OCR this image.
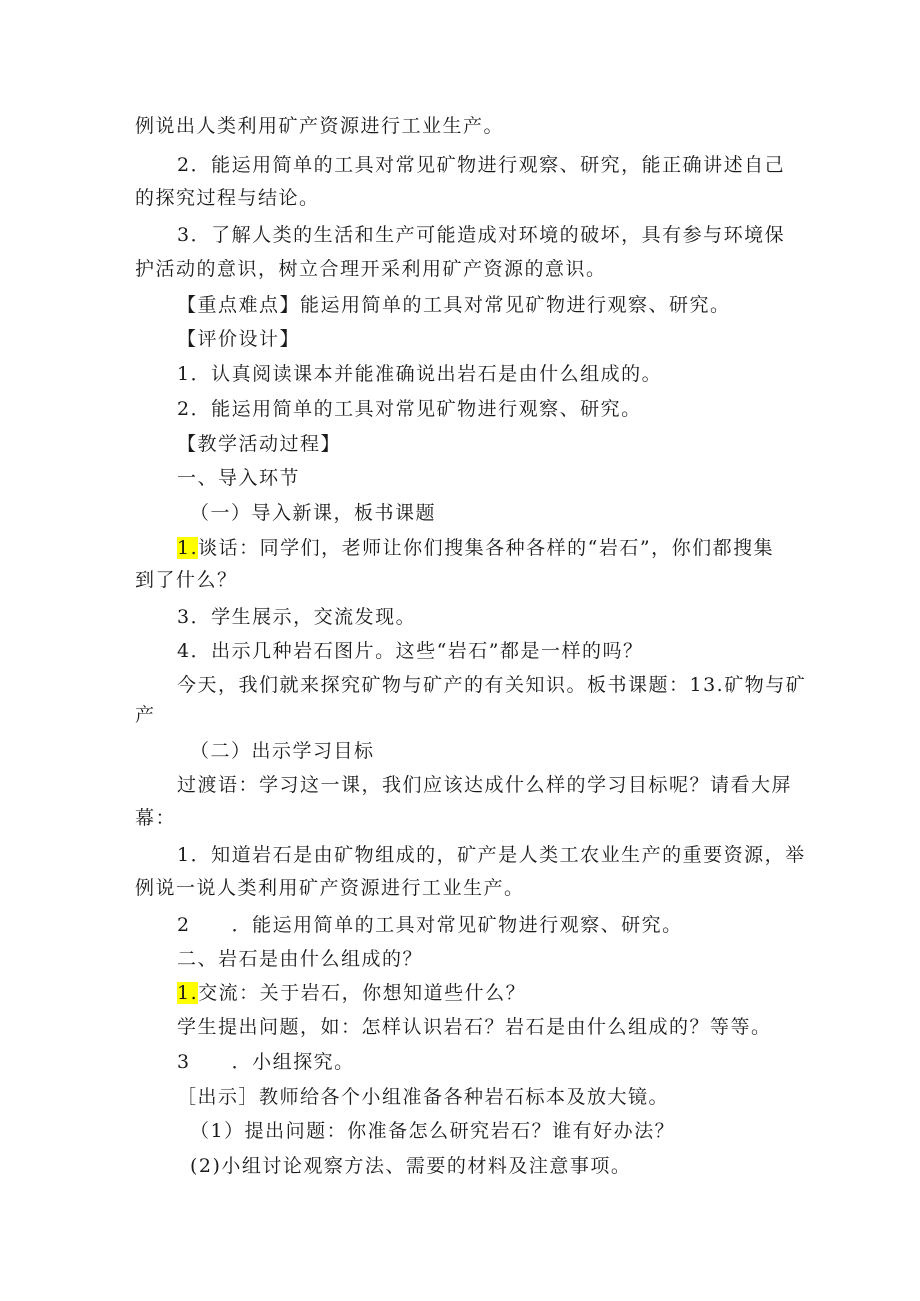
例说出人类利用矿产资源进行工业生产。
2．能运用简单的工具对常见矿物进行观察、研究，能正确讲述自己
的探究过程与结论。
3．了解人类的生活和生产可能造成对环境的破坏，具有参与环境保
护活动的意识，树立合理开采利用矿产资源的意识。
【重点难点】能运用简单的工具对常见矿物进行观察、研究。
【评价设计】
1．认真阅读课本并能准确说出岩石是由什么组成的。
2．能运用简单的工具对常见矿物进行观察、研究。
【教学活动过程】
一、导入环节
（一）导入新课，板书课题
1.谈话：同学们，老师让你们搜集各种各样的“岩石”，你们都搜集
到了什么？
3．学生展示，交流发现。
4．出示几种岩石图片。这些“岩石”都是一样的吗？
今天，我们就来探究矿物与矿产的有关知识。板书课题：13.矿物与矿
产
（二）出示学习目标
过渡语：学习这一课，我们应该达成什么样的学习目标呢？请看大屏
幕：
1．知道岩石是由矿物组成的，矿产是人类工农业生产的重要资源，举
例说一说人类利用矿产资源进行工业生产。
2　　．能运用简单的工具对常见矿物进行观察、研究。
二、岩石是由什么组成的？
1.交流：关于岩石，你想知道些什么？
学生提出问题，如：怎样认识岩石？岩石是由什么组成的？等等。
3　　．小组探究。
［出示］教师给各个小组准备各种岩石标本及放大镜。
（1）提出问题：你准备怎么研究岩石？谁有好办法？
(2)小组讨论观察方法、需要的材料及注意事项。
